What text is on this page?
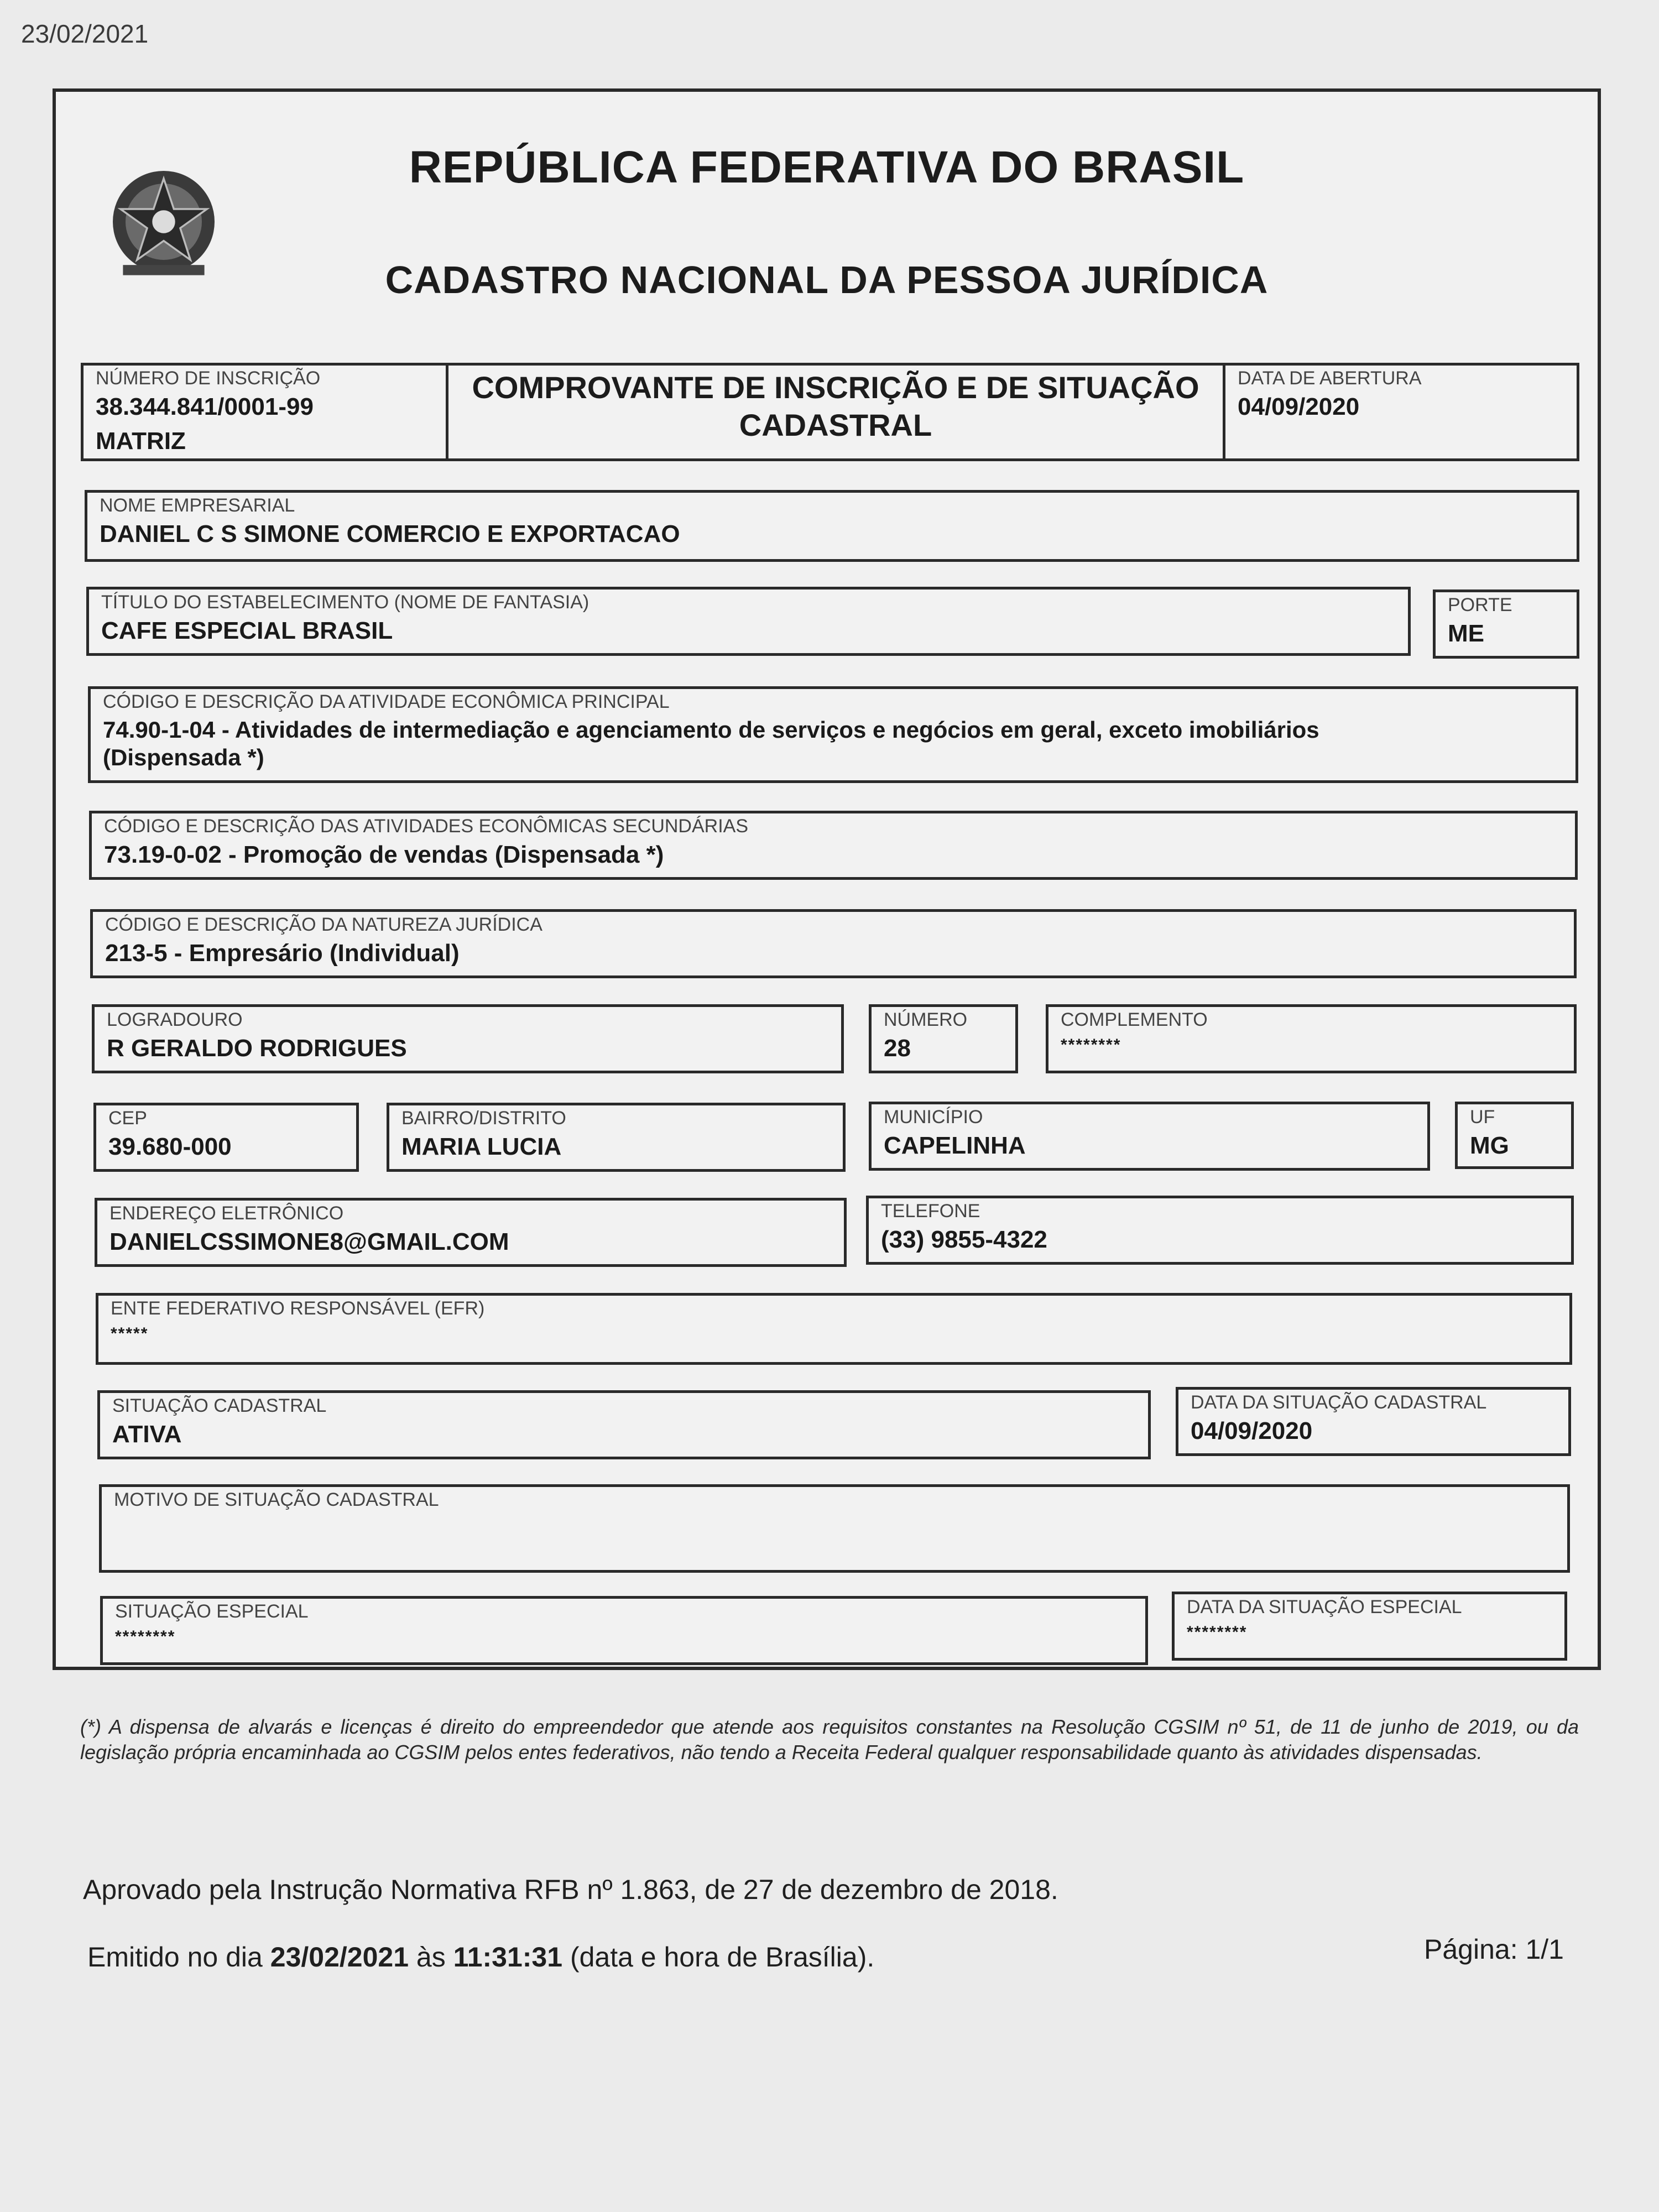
23/02/2021
REPÚBLICA FEDERATIVA DO BRASIL
CADASTRO NACIONAL DA PESSOA JURÍDICA
NÚMERO DE INSCRIÇÃO
38.344.841/0001-99
MATRIZ
COMPROVANTE DE INSCRIÇÃO E DE SITUAÇÃO
CADASTRAL
DATA DE ABERTURA
04/09/2020
NOME EMPRESARIAL
DANIEL C S SIMONE COMERCIO E EXPORTACAO
TÍTULO DO ESTABELECIMENTO (NOME DE FANTASIA)
CAFE ESPECIAL BRASIL
PORTE
ME
CÓDIGO E DESCRIÇÃO DA ATIVIDADE ECONÔMICA PRINCIPAL
74.90-1-04 - Atividades de intermediação e agenciamento de serviços e negócios em geral, exceto imobiliários
(Dispensada *)
CÓDIGO E DESCRIÇÃO DAS ATIVIDADES ECONÔMICAS SECUNDÁRIAS
73.19-0-02 - Promoção de vendas (Dispensada *)
CÓDIGO E DESCRIÇÃO DA NATUREZA JURÍDICA
213-5 - Empresário (Individual)
LOGRADOURO
R GERALDO RODRIGUES
NÚMERO
28
COMPLEMENTO
********
CEP
39.680-000
BAIRRO/DISTRITO
MARIA LUCIA
MUNICÍPIO
CAPELINHA
UF
MG
ENDEREÇO ELETRÔNICO
DANIELCSSIMONE8@GMAIL.COM
TELEFONE
(33) 9855-4322
ENTE FEDERATIVO RESPONSÁVEL (EFR)
*****
SITUAÇÃO CADASTRAL
ATIVA
DATA DA SITUAÇÃO CADASTRAL
04/09/2020
MOTIVO DE SITUAÇÃO CADASTRAL
SITUAÇÃO ESPECIAL
********
DATA DA SITUAÇÃO ESPECIAL
********
(*) A dispensa de alvarás e licenças é direito do empreendedor que atende aos requisitos constantes na Resolução CGSIM nº 51, de 11 de junho de 2019, ou da legislação própria encaminhada ao CGSIM pelos entes federativos, não tendo a Receita Federal qualquer responsabilidade quanto às atividades dispensadas.
Aprovado pela Instrução Normativa RFB nº 1.863, de 27 de dezembro de 2018.
Emitido no dia 23/02/2021 às 11:31:31 (data e hora de Brasília).	Página: 1/1
